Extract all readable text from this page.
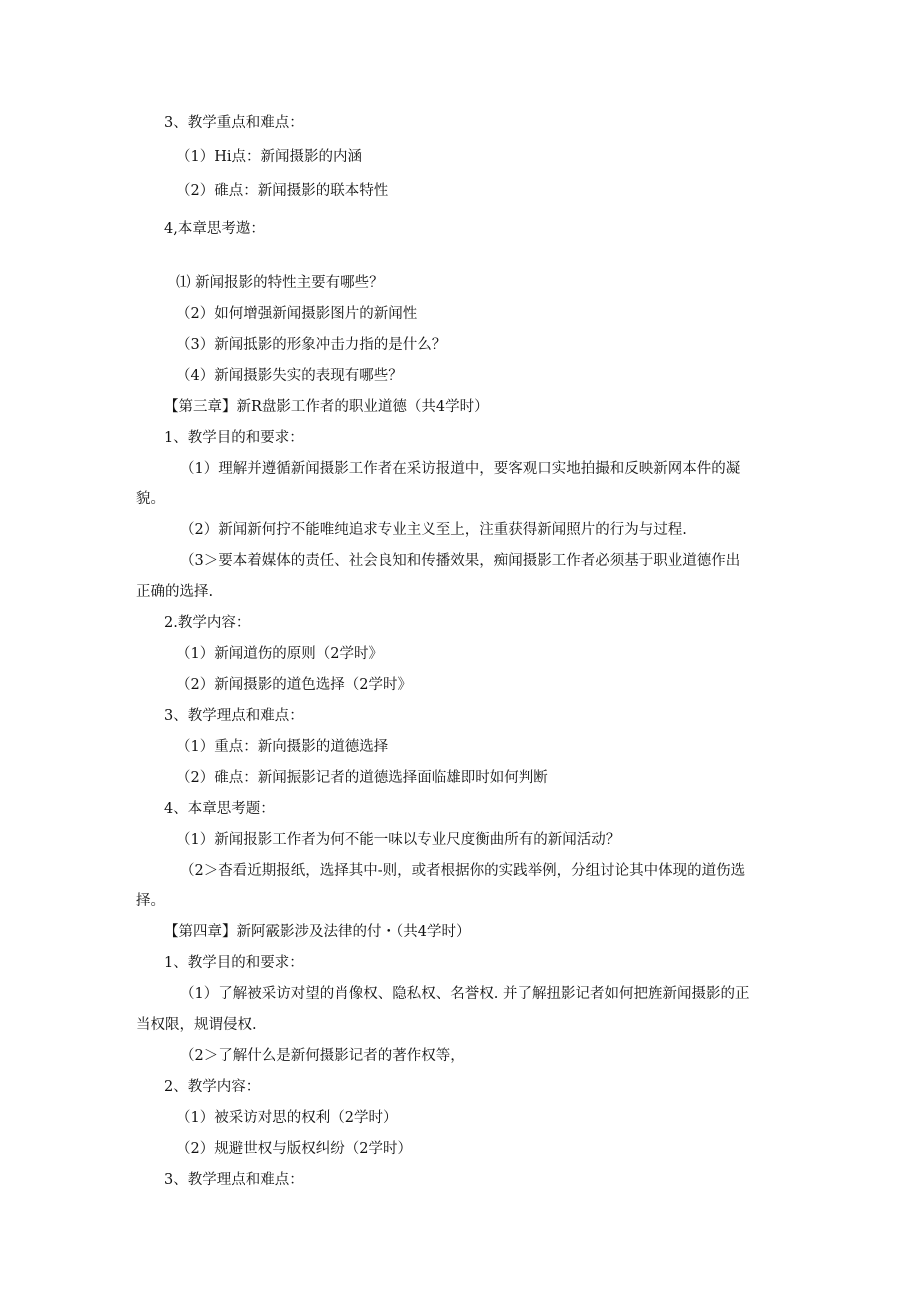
3、教学重点和难点：

（1）Hi点：新闻摄影的内涵

（2）碓点：新闻摄影的联本特性

4,本章思考遨：

⑴ 新闻报影的特性主要有哪些？

（2）如何增强新闻摄影图片的新闻性

（3）新闻抵影的形象冲击力指的是什么？

（4）新闻摄影失实的表现有哪些？

【第三章】新R盘影工作者的职业道德（共4学时）

1、教学目的和要求：

（1）理解并遵循新闻摄影工作者在采访报道中，要客观口实地拍撮和反映新网本件的凝

貌。

（2）新闻新何拧不能唯纯追求专业主义至上，注重获得新闻照片的行为与过程.

（3＞要本着媒体的责任、社会良知和传播效果，痴闻摄影工作者必须基于职业道德作出

正确的选择.

2.教学内容：

（1）新闻道伤的原则（2学时》

（2）新闻摄影的道色选择（2学时》

3、教学理点和难点：

（1）重点：新向摄影的道德选择

（2）碓点：新闻振影记者的道德选择面临雄即时如何判断

4、本章思考题：

（1）新闻报影工作者为何不能一味以专业尺度衡曲所有的新闻活动？

（2＞杳看近期报纸，选择其中-则，或者根据你的实践举例，分组讨论其中体现的道伤选

择。

【第四章】新阿霰影涉及法律的付・（共4学时）

1、教学目的和要求：

（1）了解被采访对望的肖像权、隐私权、名誉权. 并了解扭影记者如何把旌新闻摄影的正

当权限，规谓侵权.

（2＞了解什么是新何摄影记者的著作权等，

2、教学内容：

（1）被采访对思的权利（2学时）

（2）规避世权与版权纠纷（2学时）

3、教学理点和难点：
